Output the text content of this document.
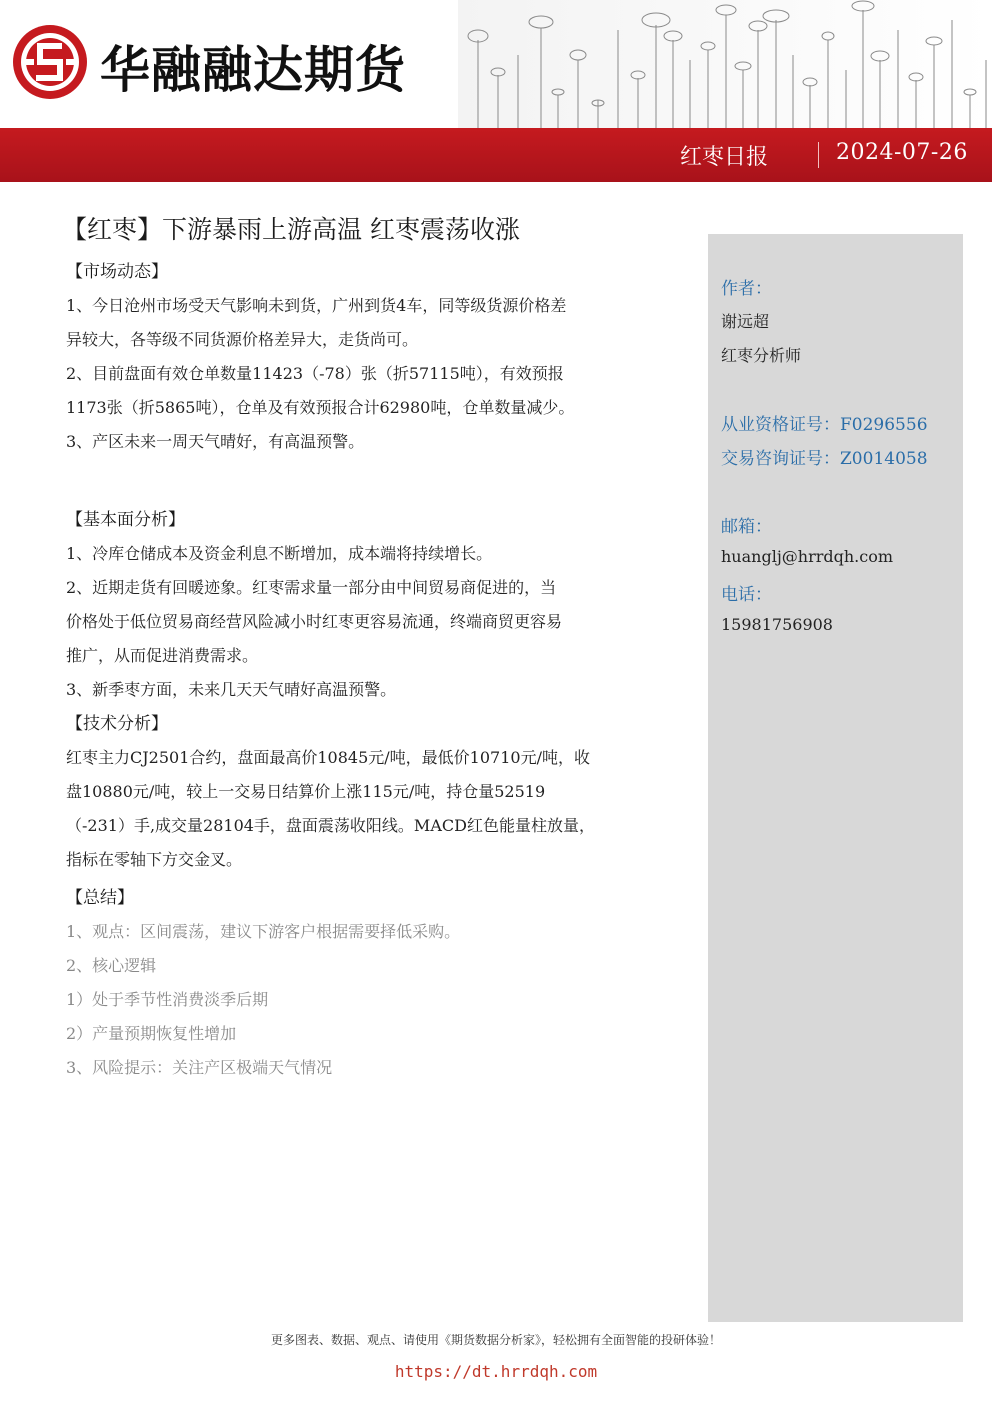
华融融达期货
红枣日报	2024-07-26
【红枣】下游暴雨上游高温 红枣震荡收涨
【市场动态】
1、今日沧州市场受天气影响未到货，广州到货4车，同等级货源价格差
异较大，各等级不同货源价格差异大，走货尚可。
2、目前盘面有效仓单数量11423（-78）张（折57115吨），有效预报
1173张（折5865吨），仓单及有效预报合计62980吨，仓单数量减少。
3、产区未来一周天气晴好，有高温预警。
【基本面分析】
1、冷库仓储成本及资金利息不断增加，成本端将持续增长。
2、近期走货有回暖迹象。红枣需求量一部分由中间贸易商促进的，当
价格处于低位贸易商经营风险减小时红枣更容易流通，终端商贸更容易
推广，从而促进消费需求。
3、新季枣方面，未来几天天气晴好高温预警。
【技术分析】
红枣主力CJ2501合约，盘面最高价10845元/吨，最低价10710元/吨，收
盘10880元/吨，较上一交易日结算价上涨115元/吨，持仓量52519
（-231）手,成交量28104手，盘面震荡收阳线。MACD红色能量柱放量，
指标在零轴下方交金叉。
【总结】
1、观点：区间震荡，建议下游客户根据需要择低采购。
2、核心逻辑
1）处于季节性消费淡季后期
2）产量预期恢复性增加
3、风险提示：关注产区极端天气情况
作者：
谢远超
红枣分析师
从业资格证号：F0296556
交易咨询证号：Z0014058
邮箱：
huanglj@hrrdqh.com
电话：
15981756908
更多图表、数据、观点、请使用《期货数据分析家》，轻松拥有全面智能的投研体验！
https://dt.hrrdqh.com
